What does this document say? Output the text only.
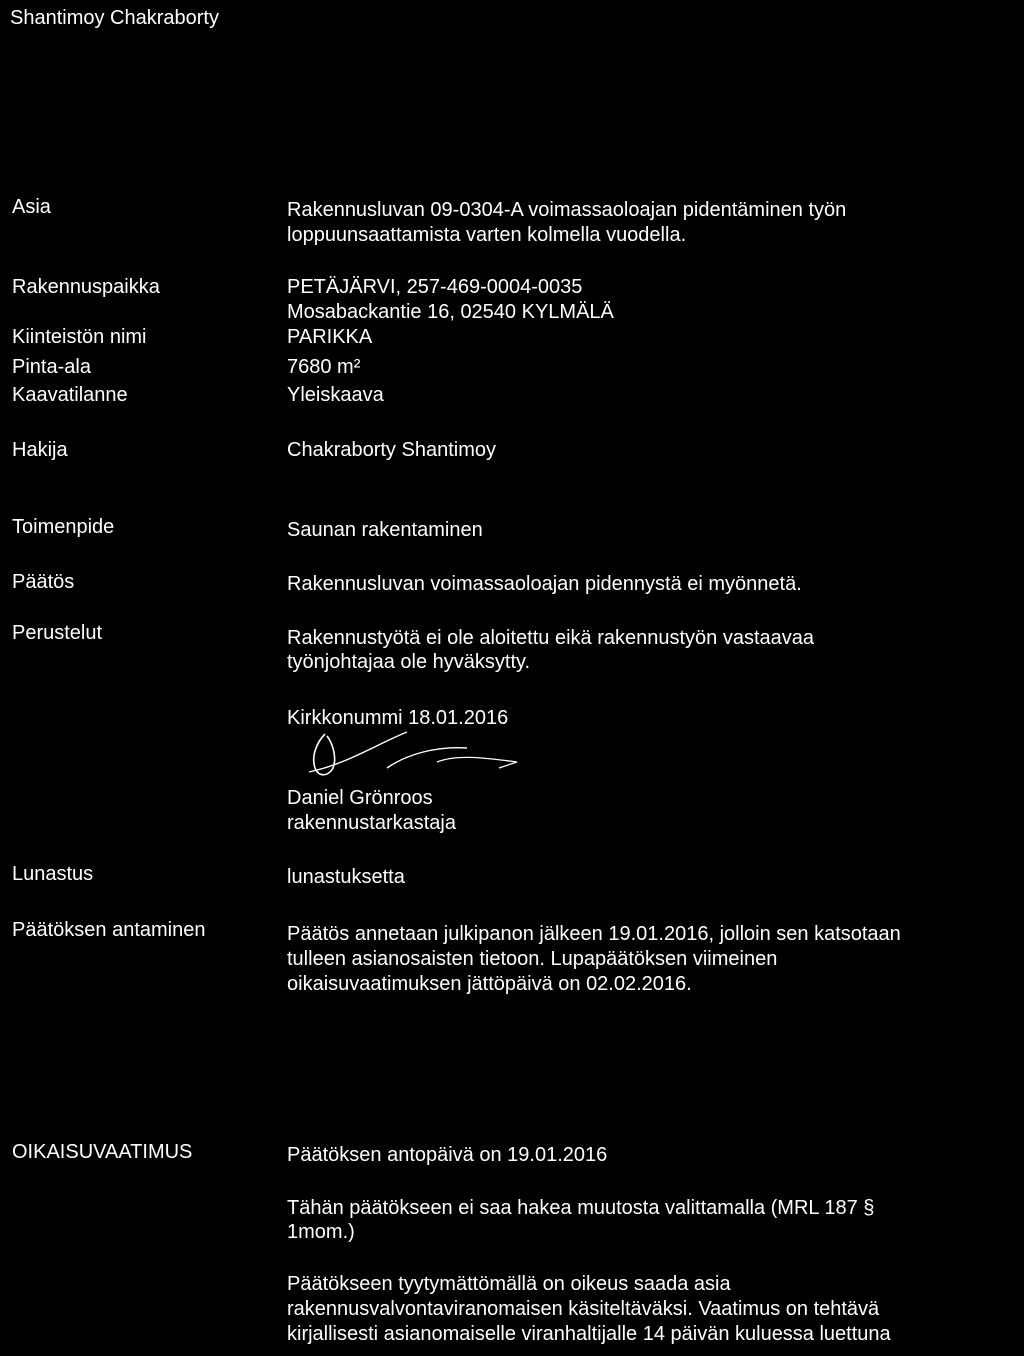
Shantimoy Chakraborty
Asia	Rakennusluvan 09-0304-A voimassaoloajan pidentäminen työn
loppuunsaattamista varten kolmella vuodella.
Rakennuspaikka	PETÄJÄRVI, 257-469-0004-0035
Mosabackantie 16, 02540 KYLMÄLÄ
Kiinteistön nimi	PARIKKA
Pinta-ala	7680 m²
Kaavatilanne	Yleiskaava
Hakija	Chakraborty Shantimoy
Toimenpide	Saunan rakentaminen
Päätös	Rakennusluvan voimassaoloajan pidennystä ei myönnetä.
Perustelut	Rakennustyötä ei ole aloitettu eikä rakennustyön vastaavaa
työnjohtajaa ole hyväksytty.
Kirkkonummi 18.01.2016
Daniel Grönroos
rakennustarkastaja
Lunastus	lunastuksetta
Päätöksen antaminen	Päätös annetaan julkipanon jälkeen 19.01.2016, jolloin sen katsotaan
tulleen asianosaisten tietoon. Lupapäätöksen viimeinen
oikaisuvaatimuksen jättöpäivä on 02.02.2016.
OIKAISUVAATIMUS	Päätöksen antopäivä on 19.01.2016
Tähän päätökseen ei saa hakea muutosta valittamalla (MRL 187 §
1mom.)
Päätökseen tyytymättömällä on oikeus saada asia
rakennusvalvontaviranomaisen käsiteltäväksi. Vaatimus on tehtävä
kirjallisesti asianomaiselle viranhaltijalle 14 päivän kuluessa luettuna
